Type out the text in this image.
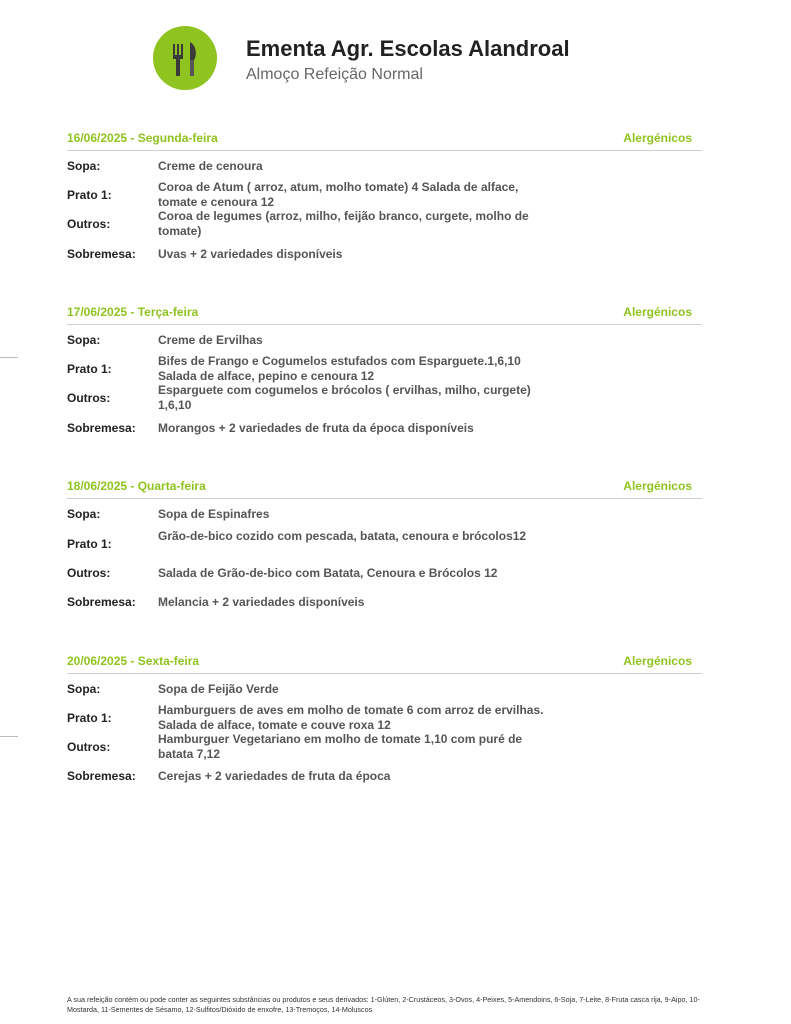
Ementa Agr. Escolas Alandroal
Almoço Refeição Normal
16/06/2025 - Segunda-feira	Alergénicos
Sopa:	Creme de cenoura
Prato 1:
Coroa de Atum ( arroz, atum, molho tomate) 4 Salada de alface, tomate e cenoura 12
Outros:
Coroa de legumes (arroz, milho, feijão branco, curgete, molho de tomate)
Sobremesa: Uvas + 2 variedades disponíveis
17/06/2025 - Terça-feira	Alergénicos
Sopa:	Creme de Ervilhas
Prato 1:
Bifes de Frango e Cogumelos estufados com Esparguete.1,6,10 Salada de alface, pepino e cenoura 12
Outros:
Esparguete com cogumelos e brócolos ( ervilhas, milho, curgete) 1,6,10
Sobremesa: Morangos + 2 variedades de fruta da época disponíveis
18/06/2025 - Quarta-feira	Alergénicos
Sopa:	Sopa de Espinafres
Prato 1:
Grão-de-bico cozido com pescada, batata, cenoura e brócolos12
Outros:	Salada de Grão-de-bico com Batata, Cenoura e Brócolos 12
Sobremesa: Melancia + 2 variedades disponíveis
20/06/2025 - Sexta-feira	Alergénicos
Sopa:	Sopa de Feijão Verde
Prato 1:
Hamburguers de aves em molho de tomate 6 com arroz de ervilhas. Salada de alface, tomate e couve roxa 12
Outros:
Hamburguer Vegetariano em molho de tomate 1,10 com puré de batata 7,12
Sobremesa: Cerejas + 2 variedades de fruta da época
A sua refeição contém ou pode conter as seguintes substâncias ou produtos e seus derivados: 1-Glúten, 2-Crustáceos, 3-Ovos, 4-Peixes, 5-Amendoins, 6-Soja, 7-Leite, 8-Fruta casca rija, 9-Aipo, 10-Mostarda, 11-Sementes de Sésamo, 12-Sulfitos/Dióxido de enxofre, 13-Tremoços, 14-Moluscos
